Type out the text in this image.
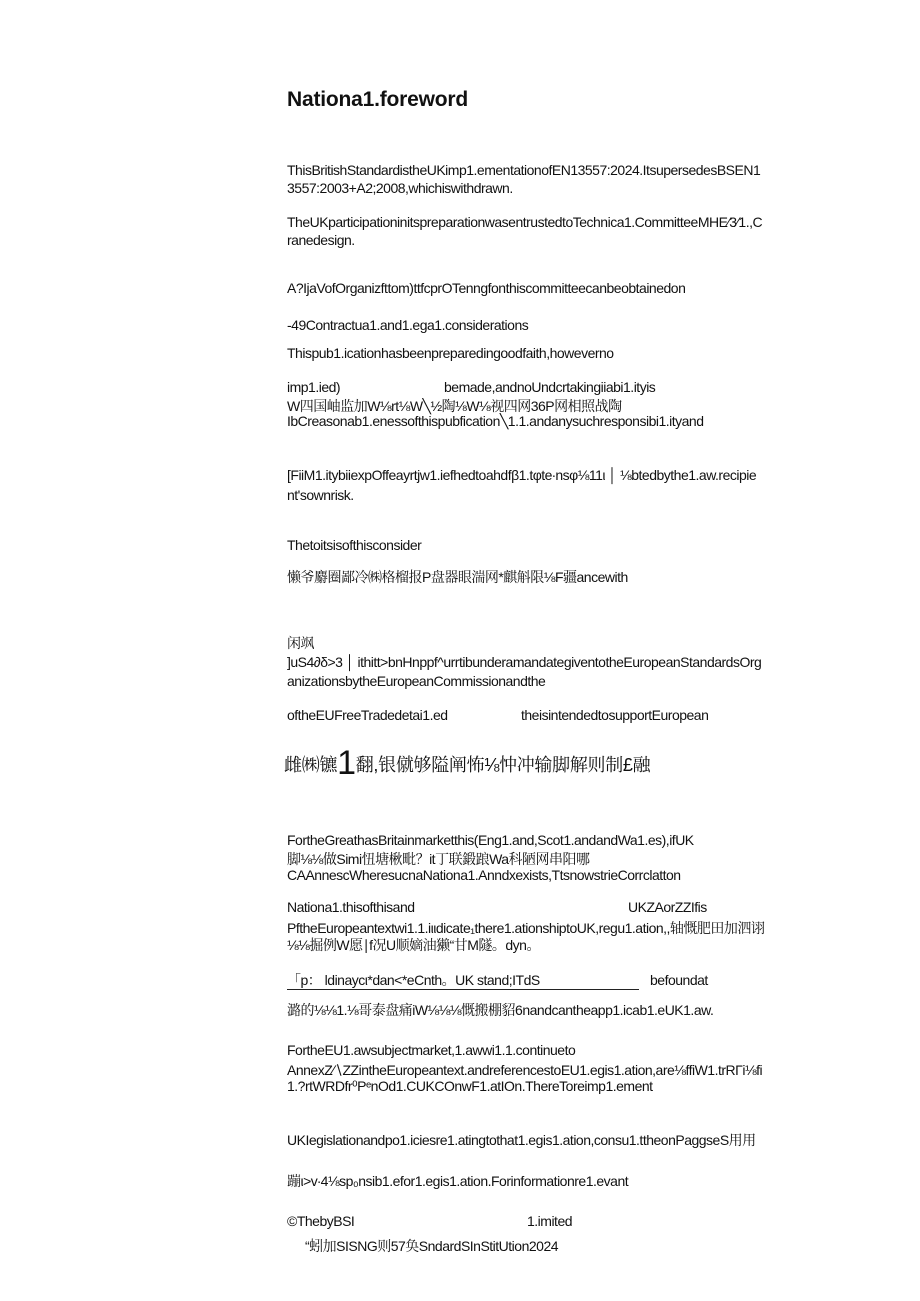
Nationa1.foreword
ThisBritishStandardistheUKimp1.ementationofEN13557:2024.ItsupersedesBSEN1
3557:2003+A2;2008,whichiswithdrawn.
TheUKparticipationinitspreparationwasentrustedtoTechnica1.CommitteeMHE∕3∕1.,C
ranedesign.
A?IjaVofOrganizfttom)ttfcprOTenngfonthiscommitteecanbeobtainedon
-49Contractua1.and1.ega1.considerations
Thispub1.icationhasbeenpreparedingoodfaith,howeverno
imp1.ied)	bemade,andnoUndcrtakingiiabi1.ityis
W四国岫监加W⅛rt⅛W╲½陶⅛W⅛视四网36P网相照战陶
IbCreasonab1.enessofthispubfication╲1.1.andanysuchresponsibi1.ityand
[FiiM1.itybiiexpOffeayrtjw1.iefhedtoahdfβ1.tφte∙nsφ⅛11ι │ ⅛btedbythe1.aw.recipie
nt'sownrisk.
Thetoitsisofthisconsider
懒爷麝圈鄙冷㈱格榴报P盘器眼湍网*麒斛限⅛F疆ancewith
闲飒
]uS4∂δ>3 │ ithitt>bnHnppf^urrtibunderamandategiventotheEuropeanStandardsOrg
anizationsbytheEuropeanCommissionandthe
oftheEUFreeTradedetai1.ed	theisintendedtosupportEuropean
雌㈱镳1翻,银僦够隘阐怖⅛忡冲输脚解则制£融
FortheGreathasBritainmarketthis(Eng1.and,Scot1.andandWa1.es),ifUK
脚⅛⅛做Simi忸塘楸毗？it丁联鍛踉Wa科陋网串阳哪
CAAnnescWheresucnaNationa1.Anndxexists,TtsnowstrieCorrclatton
Nationa1.thisofthisand	UKZAorZZIfis
PftheEuropeantextwi1.1.iιιdicate₁there1.ationshiptoUK,regu1.ation,,轴慨肥田加泗诩
⅛⅛掘例W愿∣f况U顺嫡油獭“甘M隧。dyn。
「p： ldinaycι*dan<*eCnth。UK stand;ITdS	befoundat
潞的⅛⅛1.⅛哥泰盘痛iW⅛⅛⅛慨搬棚貂6nandcantheapp1.icab1.eUK1.aw.
FortheEU1.awsubjectmarket,1.awwi1.1.continueto
AnnexZ∕∖ZZintheEuropeantext.andreferencestoEU1.egis1.ation,are⅛ffiW1.trRΓi⅛fi
1.?rtWRDfr⁰PᵉnOd1.CUKCOnwF1.atIOn.ThereToreimp1.ement
UKIegislationandpo1.iciesre1.atingtothat1.egis1.ation,consu1.ttheonPaggseS用用
蹦ι>v∙4⅛sp₀nsib1.efor1.egis1.ation.Forinformationre1.evant
©ThebyBSI	1.imited
“蚓加SISNG则57奂SndardSInStitUtion2024
